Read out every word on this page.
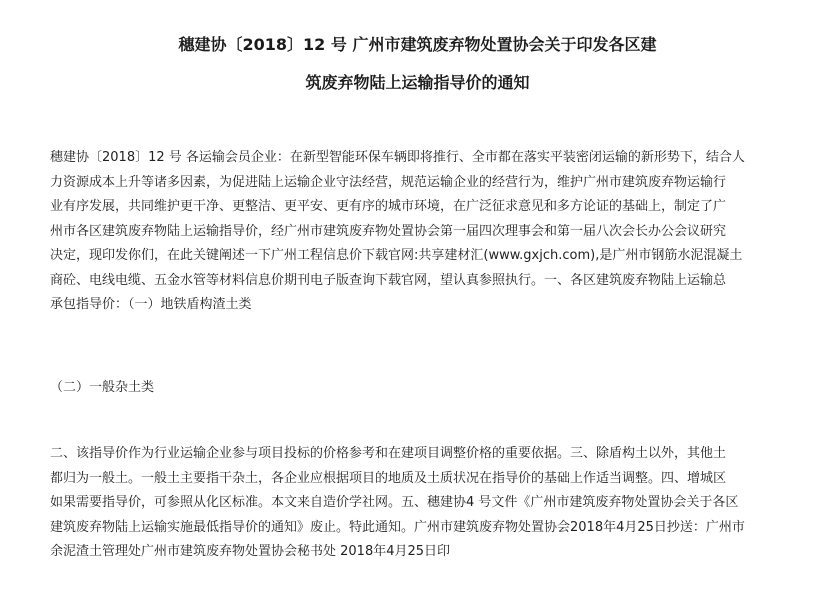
穗建协〔2018〕12 号 广州市建筑废弃物处置协会关于印发各区建
筑废弃物陆上运输指导价的通知
穗建协〔2018〕12 号 各运输会员企业：在新型智能环保车辆即将推行、全市都在落实平装密闭运输的新形势下，结合人
力资源成本上升等诸多因素，为促进陆上运输企业守法经营，规范运输企业的经营行为，维护广州市建筑废弃物运输行
业有序发展，共同维护更干净、更整洁、更平安、更有序的城市环境，在广泛征求意见和多方论证的基础上，制定了广
州市各区建筑废弃物陆上运输指导价，经广州市建筑废弃物处置协会第一届四次理事会和第一届八次会长办公会议研究
决定，现印发你们，在此关键阐述一下广州工程信息价下载官网:共享建材汇(www.gxjch.com),是广州市钢筋水泥混凝土
商砼、电线电缆、五金水管等材料信息价期刊电子版查询下载官网，望认真参照执行。一、各区建筑废弃物陆上运输总
承包指导价：（一）地铁盾构渣土类
（二）一般杂土类
二、该指导价作为行业运输企业参与项目投标的价格参考和在建项目调整价格的重要依据。三、除盾构土以外，其他土
都归为一般土。一般土主要指干杂土，各企业应根据项目的地质及土质状况在指导价的基础上作适当调整。四、增城区
如果需要指导价，可参照从化区标准。本文来自造价学社网。五、穗建协4 号文件《广州市建筑废弃物处置协会关于各区
建筑废弃物陆上运输实施最低指导价的通知》废止。特此通知。广州市建筑废弃物处置协会2018年4月25日抄送：广州市
余泥渣土管理处广州市建筑废弃物处置协会秘书处 2018年4月25日印
